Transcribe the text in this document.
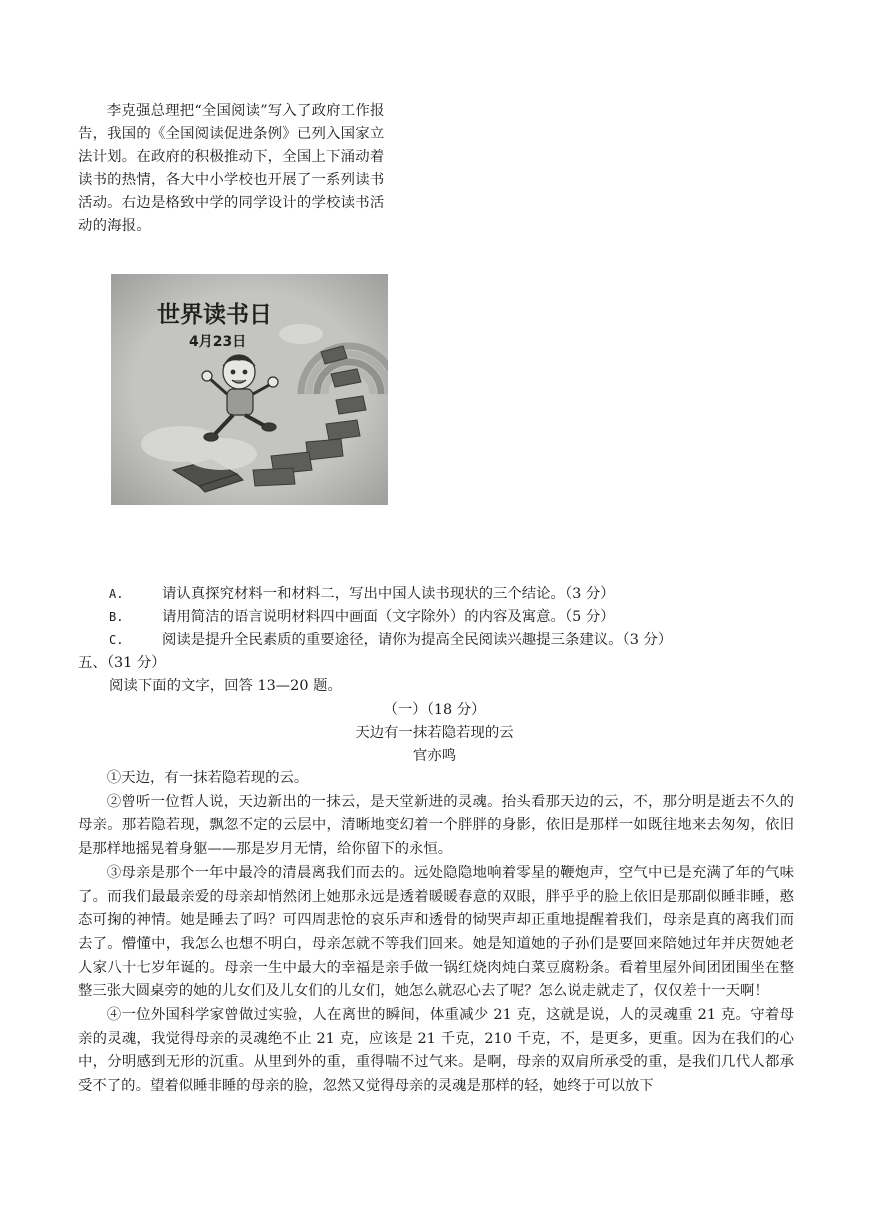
李克强总理把“全国阅读”写入了政府工作报告，我国的《全国阅读促进条例》已列入国家立法计划。在政府的积极推动下，全国上下涌动着读书的热情，各大中小学校也开展了一系列读书活动。右边是格致中学的同学设计的学校读书活动的海报。

世界读书日
4月23日
A.	请认真探究材料一和材料二，写出中国人读书现状的三个结论。（3 分）
B.	请用简洁的语言说明材料四中画面（文字除外）的内容及寓意。（5 分）
C.	阅读是提升全民素质的重要途径，请你为提高全民阅读兴趣提三条建议。（3 分）
五、（31 分）
阅读下面的文字，回答 13—20 题。
（一）（18 分）
天边有一抹若隐若现的云
官亦鸣

①天边，有一抹若隐若现的云。

②曾听一位哲人说，天边新出的一抹云，是天堂新进的灵魂。抬头看那天边的云，不，那分明是逝去不久的母亲。那若隐若现，飘忽不定的云层中，清晰地变幻着一个胖胖的身影，依旧是那样一如既往地来去匆匆，依旧是那样地摇晃着身躯——那是岁月无情，给你留下的永恒。

③母亲是那个一年中最冷的清晨离我们而去的。远处隐隐地响着零星的鞭炮声，空气中已是充满了年的气味了。而我们最最亲爱的母亲却悄然闭上她那永远是透着暖暖春意的双眼，胖乎乎的脸上依旧是那副似睡非睡，憨态可掬的神情。她是睡去了吗？可四周悲怆的哀乐声和透骨的恸哭声却正重地提醒着我们，母亲是真的离我们而去了。懵懂中，我怎么也想不明白，母亲怎就不等我们回来。她是知道她的子孙们是要回来陪她过年并庆贺她老人家八十七岁年诞的。母亲一生中最大的幸福是亲手做一锅红烧肉炖白菜豆腐粉条。看着里屋外间团团围坐在整整三张大圆桌旁的她的儿女们及儿女们的儿女们，她怎么就忍心去了呢？怎么说走就走了，仅仅差十一天啊！

④一位外国科学家曾做过实验，人在离世的瞬间，体重减少 21 克，这就是说，人的灵魂重 21 克。守着母亲的灵魂，我觉得母亲的灵魂绝不止 21 克，应该是 21 千克，210 千克，不，是更多，更重。因为在我们的心中，分明感到无形的沉重。从里到外的重，重得喘不过气来。是啊，母亲的双肩所承受的重，是我们几代人都承受不了的。望着似睡非睡的母亲的脸，忽然又觉得母亲的灵魂是那样的轻，她终于可以放下
